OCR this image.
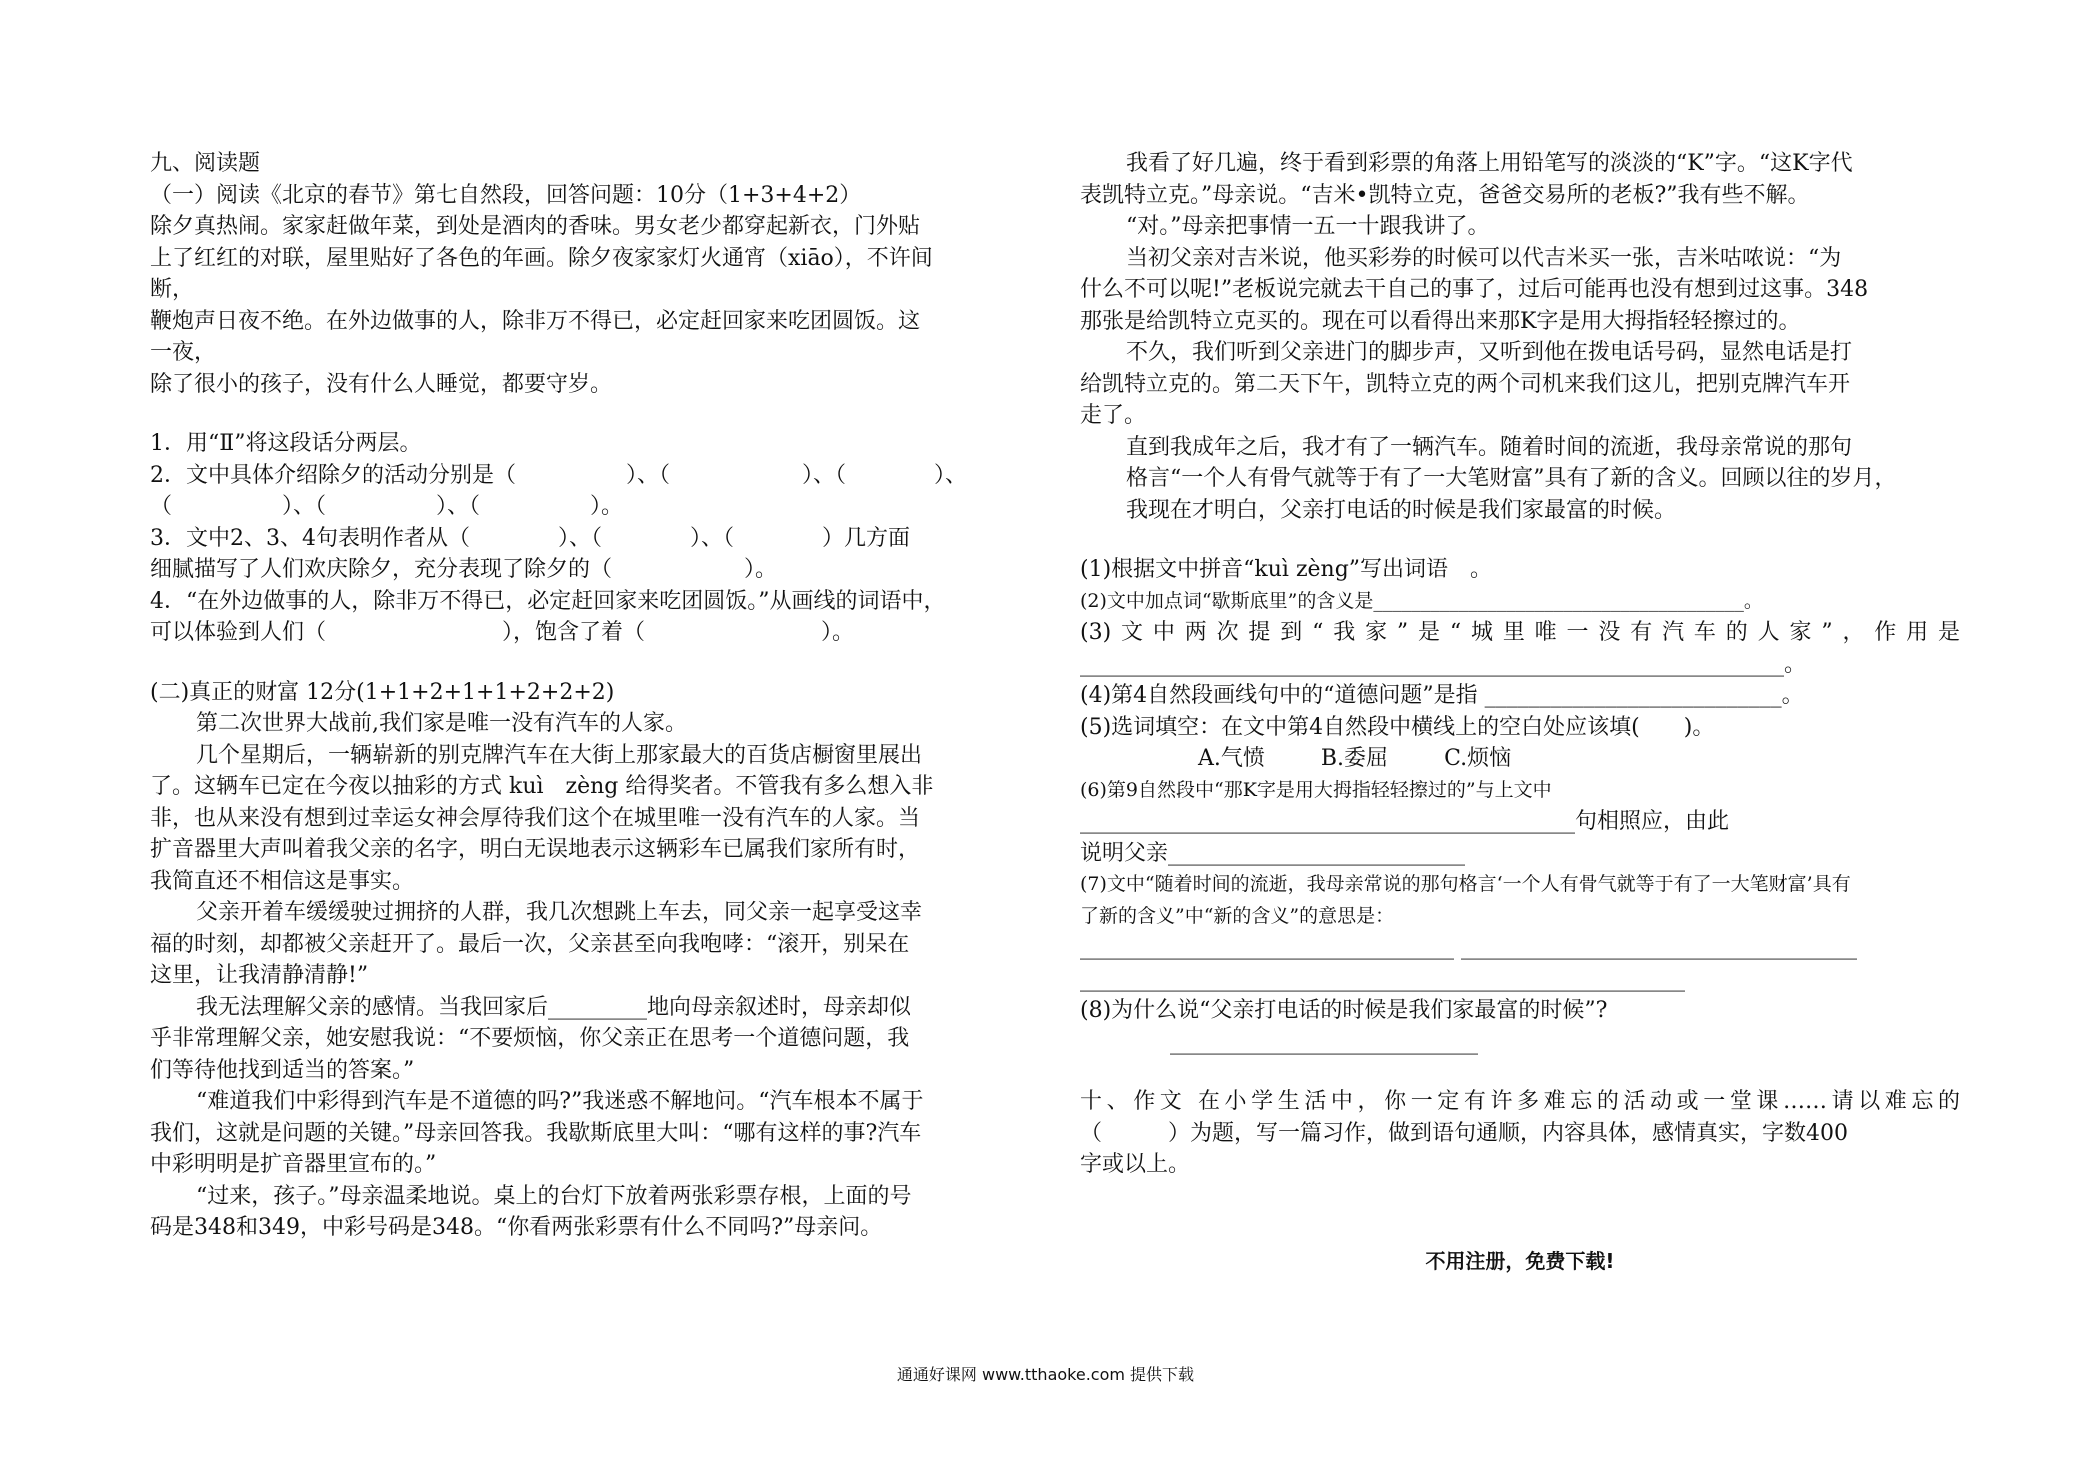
九、阅读题
（一）阅读《北京的春节》第七自然段，回答问题：10分（1+3+4+2）
除夕真热闹。家家赶做年菜，到处是酒肉的香味。男女老少都穿起新衣，门外贴
上了红红的对联，屋里贴好了各色的年画。除夕夜家家灯火通宵（xiāo），不许间
断，
鞭炮声日夜不绝。在外边做事的人，除非万不得已，必定赶回家来吃团圆饭。这
一夜，
除了很小的孩子，没有什么人睡觉，都要守岁。
1．用“Ⅱ”将这段话分两层。
2．文中具体介绍除夕的活动分别是（　　　　　）、（　　　　　　）、（　　　　）、
（　　　　　）、（　　　　　）、（　　　　　）。
3．文中2、3、4句表明作者从（　　　　）、（　　　　）、（　　　　）几方面
细腻描写了人们欢庆除夕，充分表现了除夕的（　　　　　　）。
4．“在外边做事的人，除非万不得已，必定赶回家来吃团圆饭。”从画线的词语中，
可以体验到人们（　　　　　　　　），饱含了着（　　　　　　　　）。
(二)真正的财富 12分(1+1+2+1+1+2+2+2)
第二次世界大战前,我们家是唯一没有汽车的人家。
几个星期后，一辆崭新的别克牌汽车在大街上那家最大的百货店橱窗里展出
了。这辆车已定在今夜以抽彩的方式 kuì　zèng 给得奖者。不管我有多么想入非
非，也从来没有想到过幸运女神会厚待我们这个在城里唯一没有汽车的人家。当
扩音器里大声叫着我父亲的名字，明白无误地表示这辆彩车已属我们家所有时，
我简直还不相信这是事实。
父亲开着车缓缓驶过拥挤的人群，我几次想跳上车去，同父亲一起享受这幸
福的时刻，却都被父亲赶开了。最后一次，父亲甚至向我咆哮：“滚开，别呆在
这里，让我清静清静!”
我无法理解父亲的感情。当我回家后_________地向母亲叙述时，母亲却似
乎非常理解父亲，她安慰我说：“不要烦恼，你父亲正在思考一个道德问题，我
们等待他找到适当的答案。”
“难道我们中彩得到汽车是不道德的吗?”我迷惑不解地问。“汽车根本不属于
我们，这就是问题的关键。”母亲回答我。我歇斯底里大叫：“哪有这样的事?汽车
中彩明明是扩音器里宣布的。”
“过来，孩子。”母亲温柔地说。桌上的台灯下放着两张彩票存根，上面的号
码是348和349，中彩号码是348。“你看两张彩票有什么不同吗?”母亲问。
我看了好几遍，终于看到彩票的角落上用铅笔写的淡淡的“K”字。“这K字代
表凯特立克。”母亲说。“吉米•凯特立克，爸爸交易所的老板?”我有些不解。
“对。”母亲把事情一五一十跟我讲了。
当初父亲对吉米说，他买彩券的时候可以代吉米买一张，吉米咕哝说：“为
什么不可以呢!”老板说完就去干自己的事了，过后可能再也没有想到过这事。348
那张是给凯特立克买的。现在可以看得出来那K字是用大拇指轻轻擦过的。
不久，我们听到父亲进门的脚步声，又听到他在拨电话号码，显然电话是打
给凯特立克的。第二天下午，凯特立克的两个司机来我们这儿，把别克牌汽车开
走了。
直到我成年之后，我才有了一辆汽车。随着时间的流逝，我母亲常说的那句
格言“一个人有骨气就等于有了一大笔财富”具有了新的含义。回顾以往的岁月，
我现在才明白，父亲打电话的时候是我们家最富的时候。
(1)根据文中拼音“kuì zèng”写出词语　。
(2)文中加点词“歇斯底里”的含义是_______________________________________。
(3)文中两次提到“我家”是“城里唯一没有汽车的人家”，作用是
________________________________________________________________。
(4)第4自然段画线句中的“道德问题”是指 ___________________________。
(5)选词填空：在文中第4自然段中横线上的空白处应该填(　　)。
A.气愤	B.委屈	C.烦恼
(6)第9自然段中“那K字是用大拇指轻轻擦过的”与上文中
_____________________________________________句相照应，由此
说明父亲___________________________
(7)文中“随着时间的流逝，我母亲常说的那句格言‘一个人有骨气就等于有了一大笔财富’具有
了新的含义”中“新的含义”的意思是：
__________________________________ ____________________________________
_______________________________________________________
(8)为什么说“父亲打电话的时候是我们家最富的时候”?
　　____________________________
十、作文 在小学生活中，你一定有许多难忘的活动或一堂课……请以难忘的
（　　　）为题，写一篇习作，做到语句通顺，内容具体，感情真实，字数400
字或以上。
不用注册，免费下载!
通通好课网 www.tthaoke.com 提供下载
